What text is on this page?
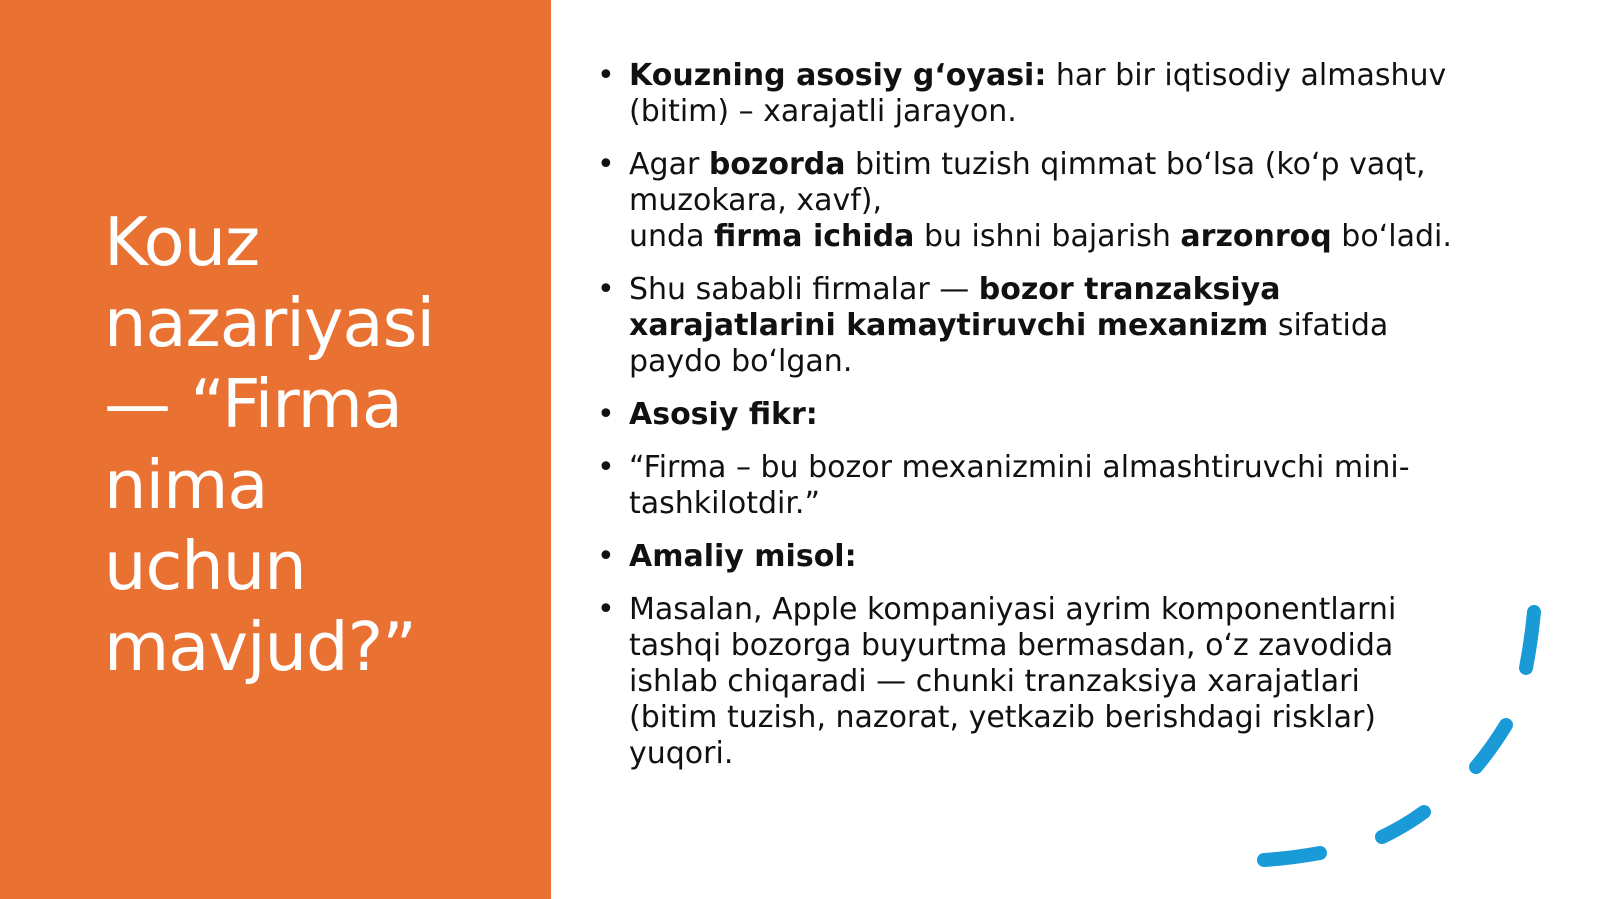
Kouz
nazariyasi
— “Firma
nima
uchun
mavjud?”
• Kouzning asosiy g‘oyasi: har bir iqtisodiy almashuv
(bitim) – xarajatli jarayon.
• Agar bozorda bitim tuzish qimmat bo‘lsa (ko‘p vaqt,
muzokara, xavf),
unda firma ichida bu ishni bajarish arzonroq bo‘ladi.
• Shu sababli firmalar — bozor tranzaksiya
xarajatlarini kamaytiruvchi mexanizm sifatida
paydo bo‘lgan.
• Asosiy fikr:
• “Firma – bu bozor mexanizmini almashtiruvchi mini-
tashkilotdir.”
• Amaliy misol:
• Masalan, Apple kompaniyasi ayrim komponentlarni
tashqi bozorga buyurtma bermasdan, o‘z zavodida
ishlab chiqaradi — chunki tranzaksiya xarajatlari
(bitim tuzish, nazorat, yetkazib berishdagi risklar)
yuqori.
